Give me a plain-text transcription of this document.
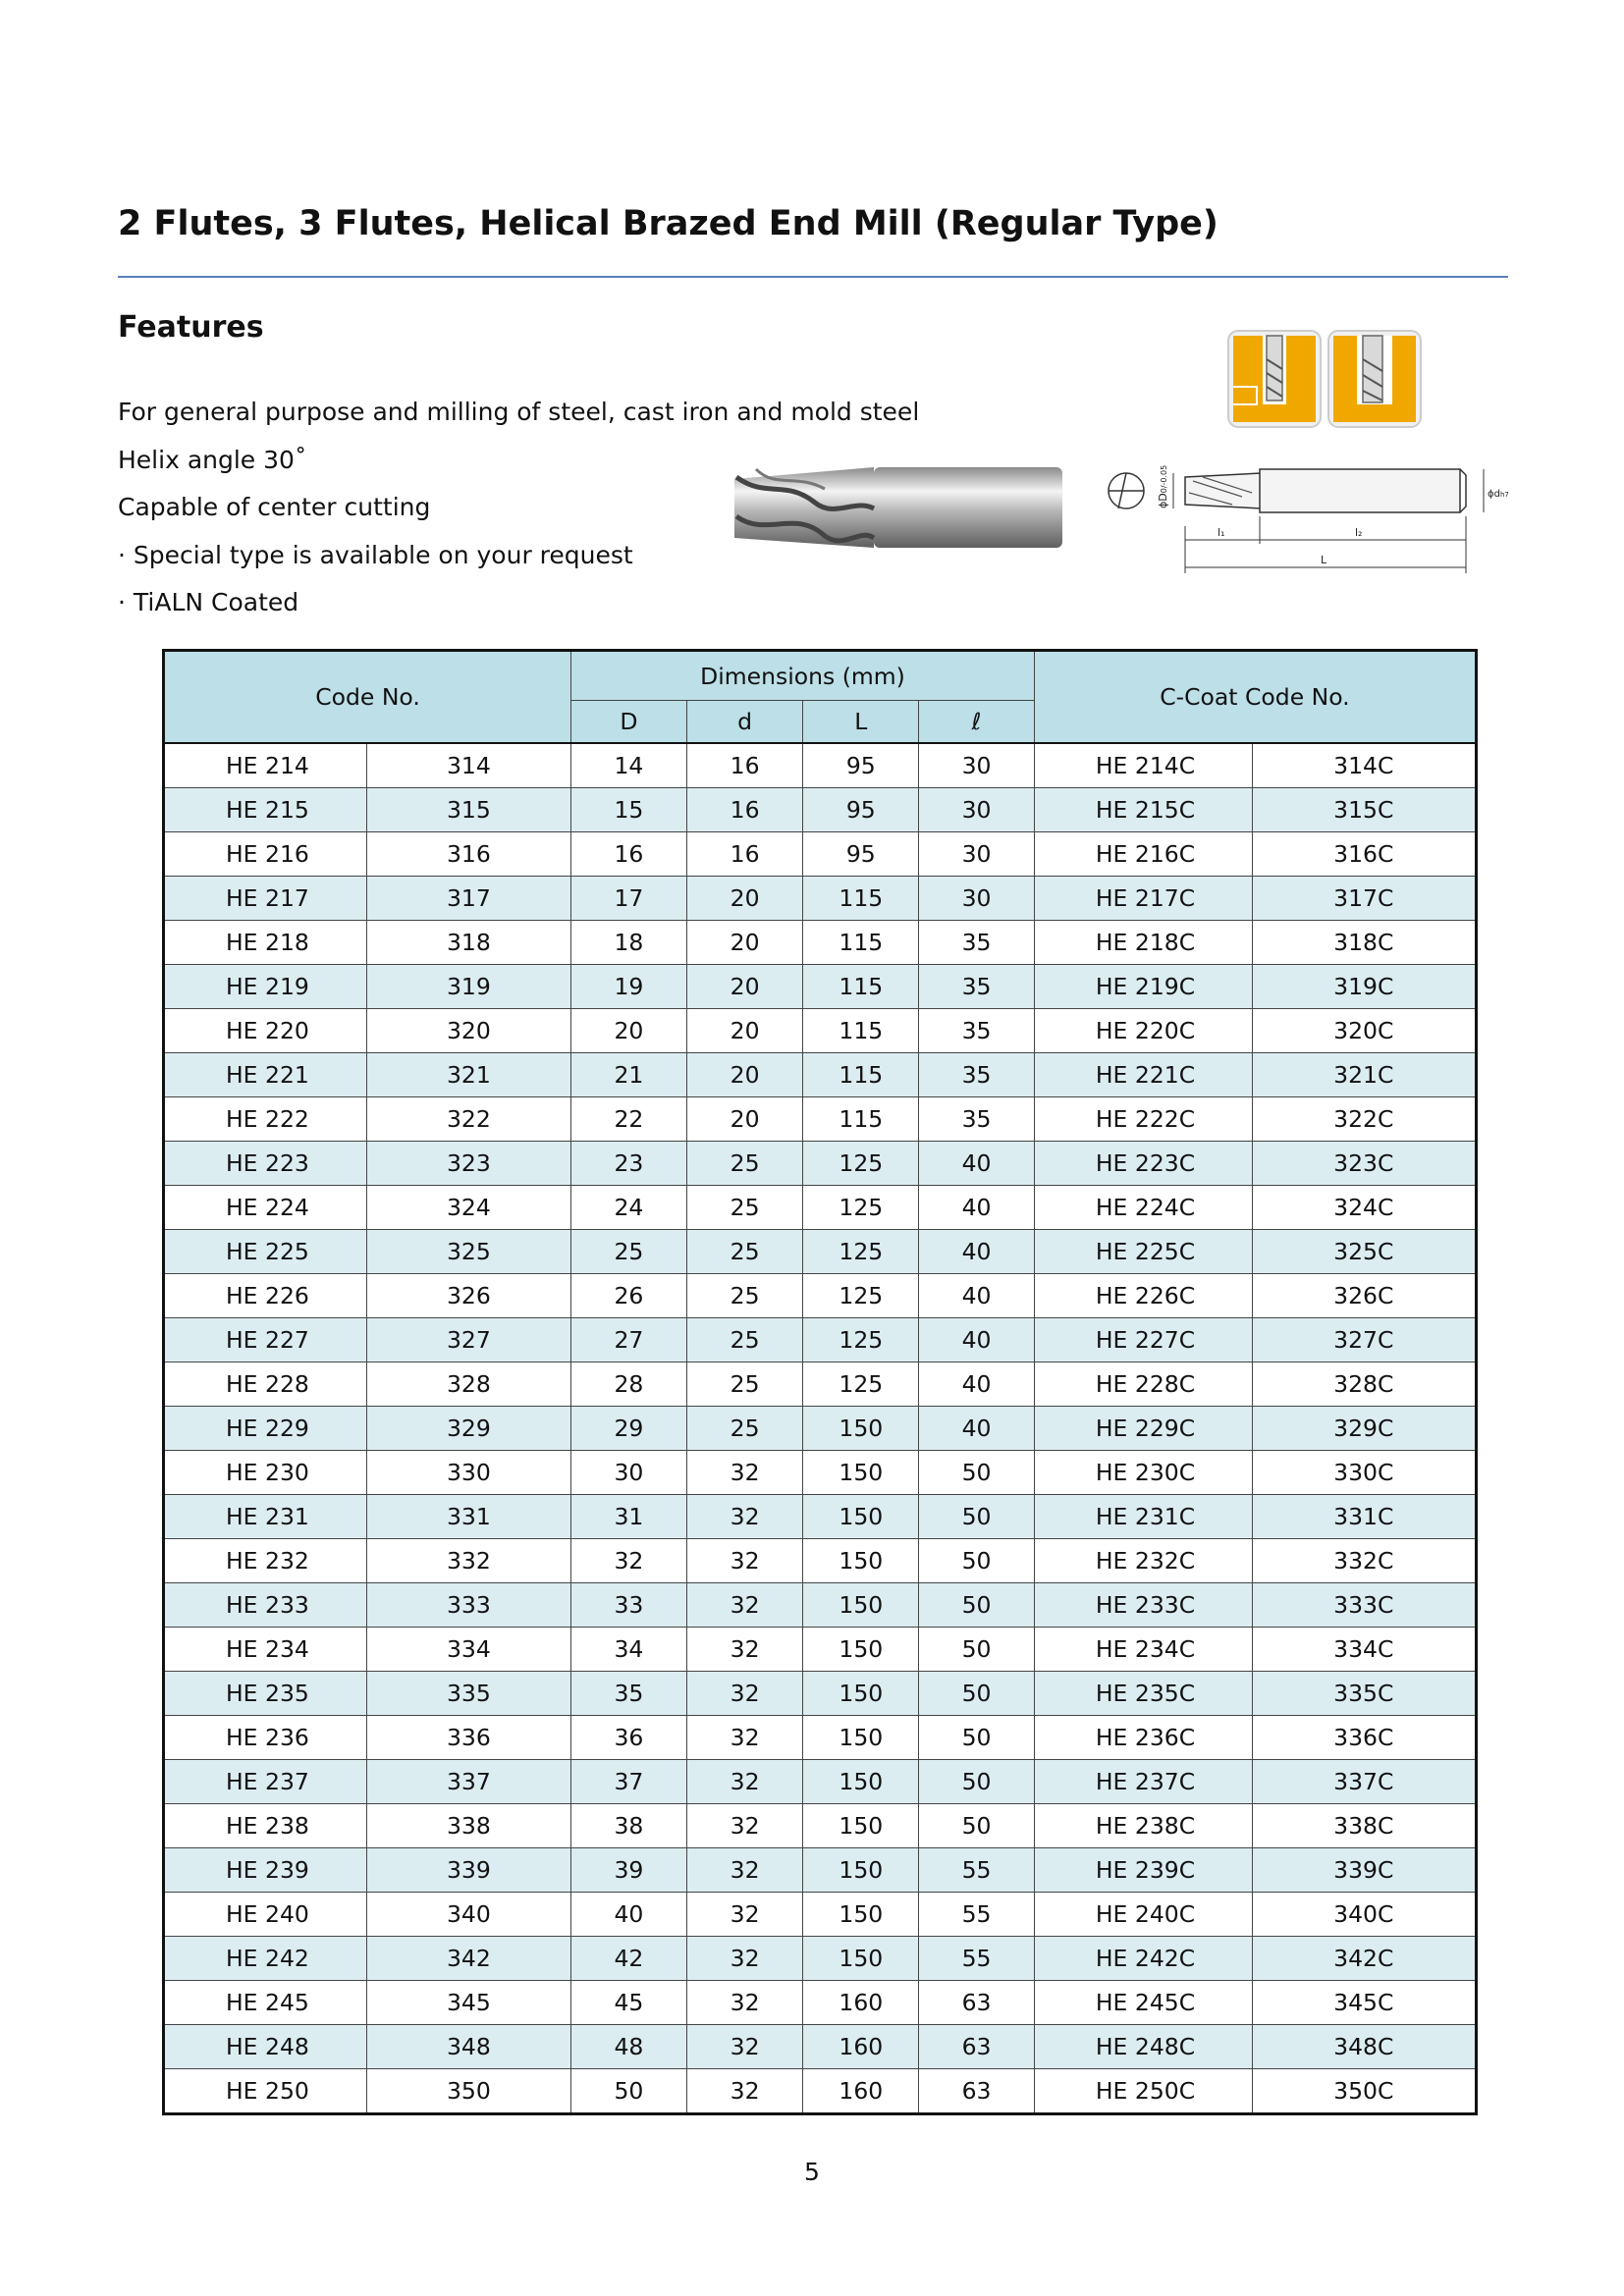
2 Flutes, 3 Flutes, Helical Brazed End Mill (Regular Type)
Features
For general purpose and milling of steel, cast iron and mold steel
Helix angle 30˚
Capable of center cutting
· Special type is available on your request
· TiALN Coated
ϕD0/-0.05
ϕdh7
l₁	l₂
L
Code No.		Dimensions (mm)				C-Coat Code No.	
		D	d	L	ℓ		
HE 214	314	14	16	95	30	HE 214C	314C
HE 215	315	15	16	95	30	HE 215C	315C
HE 216	316	16	16	95	30	HE 216C	316C
HE 217	317	17	20	115	30	HE 217C	317C
HE 218	318	18	20	115	35	HE 218C	318C
HE 219	319	19	20	115	35	HE 219C	319C
HE 220	320	20	20	115	35	HE 220C	320C
HE 221	321	21	20	115	35	HE 221C	321C
HE 222	322	22	20	115	35	HE 222C	322C
HE 223	323	23	25	125	40	HE 223C	323C
HE 224	324	24	25	125	40	HE 224C	324C
HE 225	325	25	25	125	40	HE 225C	325C
HE 226	326	26	25	125	40	HE 226C	326C
HE 227	327	27	25	125	40	HE 227C	327C
HE 228	328	28	25	125	40	HE 228C	328C
HE 229	329	29	25	150	40	HE 229C	329C
HE 230	330	30	32	150	50	HE 230C	330C
HE 231	331	31	32	150	50	HE 231C	331C
HE 232	332	32	32	150	50	HE 232C	332C
HE 233	333	33	32	150	50	HE 233C	333C
HE 234	334	34	32	150	50	HE 234C	334C
HE 235	335	35	32	150	50	HE 235C	335C
HE 236	336	36	32	150	50	HE 236C	336C
HE 237	337	37	32	150	50	HE 237C	337C
HE 238	338	38	32	150	50	HE 238C	338C
HE 239	339	39	32	150	55	HE 239C	339C
HE 240	340	40	32	150	55	HE 240C	340C
HE 242	342	42	32	150	55	HE 242C	342C
HE 245	345	45	32	160	63	HE 245C	345C
HE 248	348	48	32	160	63	HE 248C	348C
HE 250	350	50	32	160	63	HE 250C	350C
5
